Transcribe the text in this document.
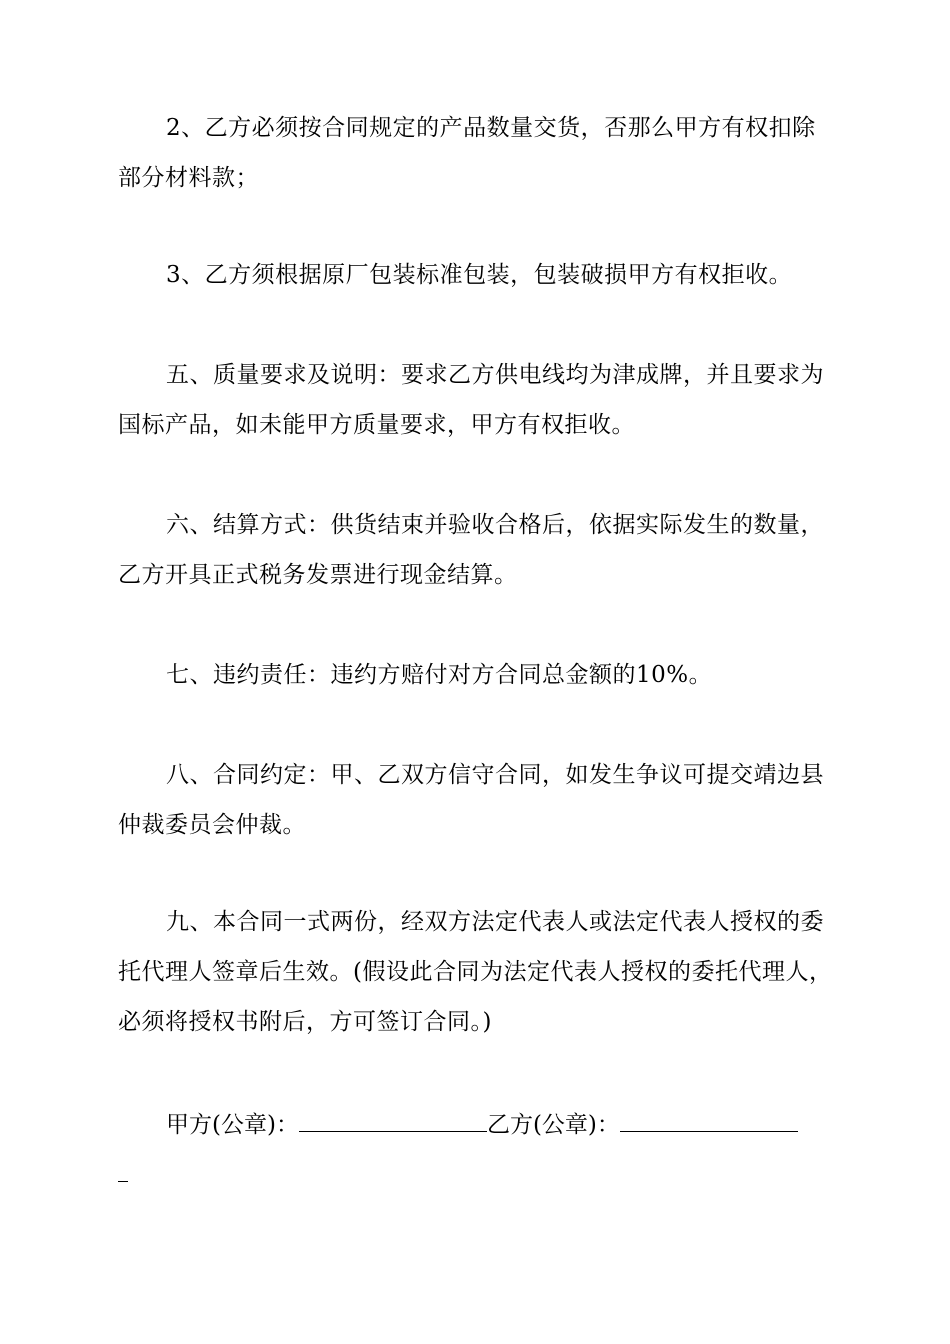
2、乙方必须按合同规定的产品数量交货，否那么甲方有权扣除部分材料款；

3、乙方须根据原厂包装标准包装，包装破损甲方有权拒收。

五、质量要求及说明：要求乙方供电线均为津成牌，并且要求为国标产品，如未能甲方质量要求，甲方有权拒收。

六、结算方式：供货结束并验收合格后，依据实际发生的数量，乙方开具正式税务发票进行现金结算。

七、违约责任：违约方赔付对方合同总金额的10%。

八、合同约定：甲、乙双方信守合同，如发生争议可提交靖边县仲裁委员会仲裁。

九、本合同一式两份，经双方法定代表人或法定代表人授权的委托代理人签章后生效。(假设此合同为法定代表人授权的委托代理人，必须将授权书附后，方可签订合同。)

甲方(公章)：	乙方(公章)：
